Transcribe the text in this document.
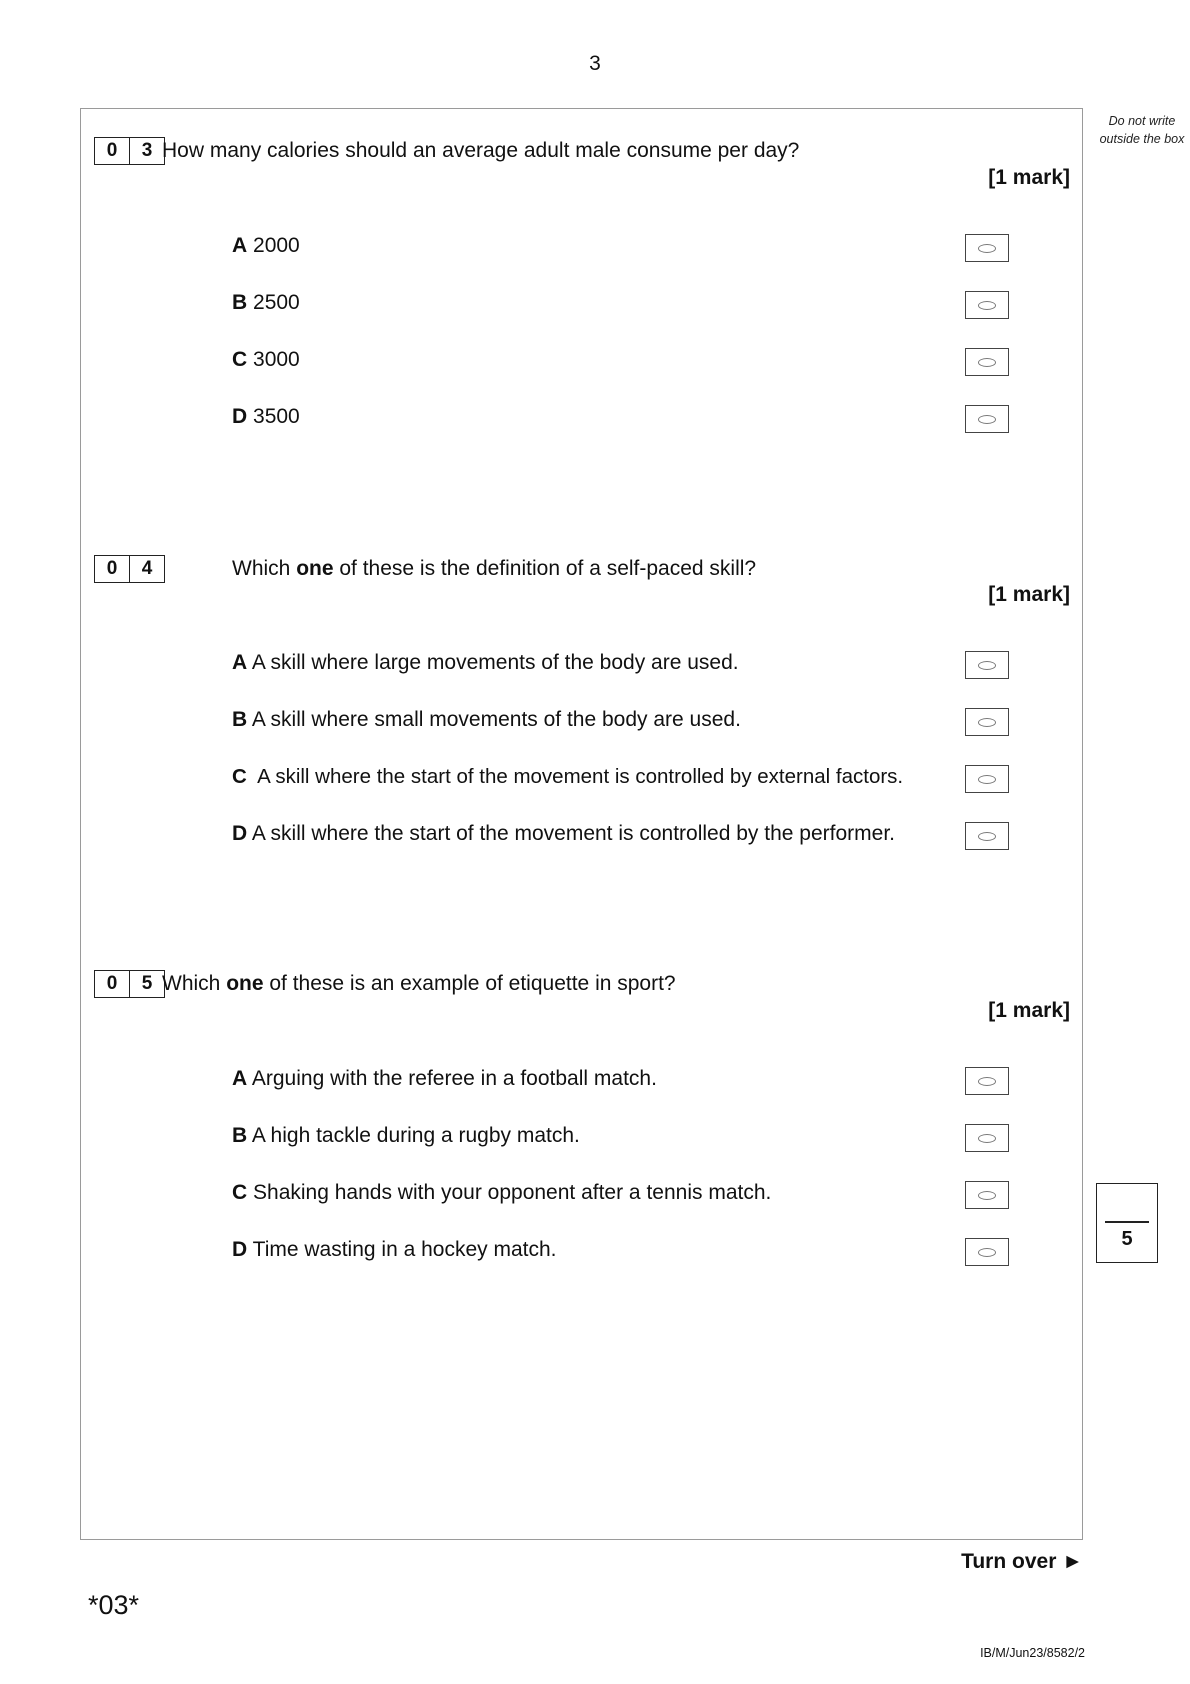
3
Do not write outside the box
0	3 How many calories should an average adult male consume per day?
[1 mark]
A 2000
B 2500
C 3000
D 3500
0	4	Which one of these is the definition of a self-paced skill?
[1 mark]
A A skill where large movements of the body are used.
B A skill where small movements of the body are used.
C A skill where the start of the movement is controlled by external factors.
D A skill where the start of the movement is controlled by the performer.
0	5 Which one of these is an example of etiquette in sport?
[1 mark]
A Arguing with the referee in a football match.
B A high tackle during a rugby match.
C Shaking hands with your opponent after a tennis match.
D Time wasting in a hockey match.	5
Turn over ►
*03*
IB/M/Jun23/8582/2
